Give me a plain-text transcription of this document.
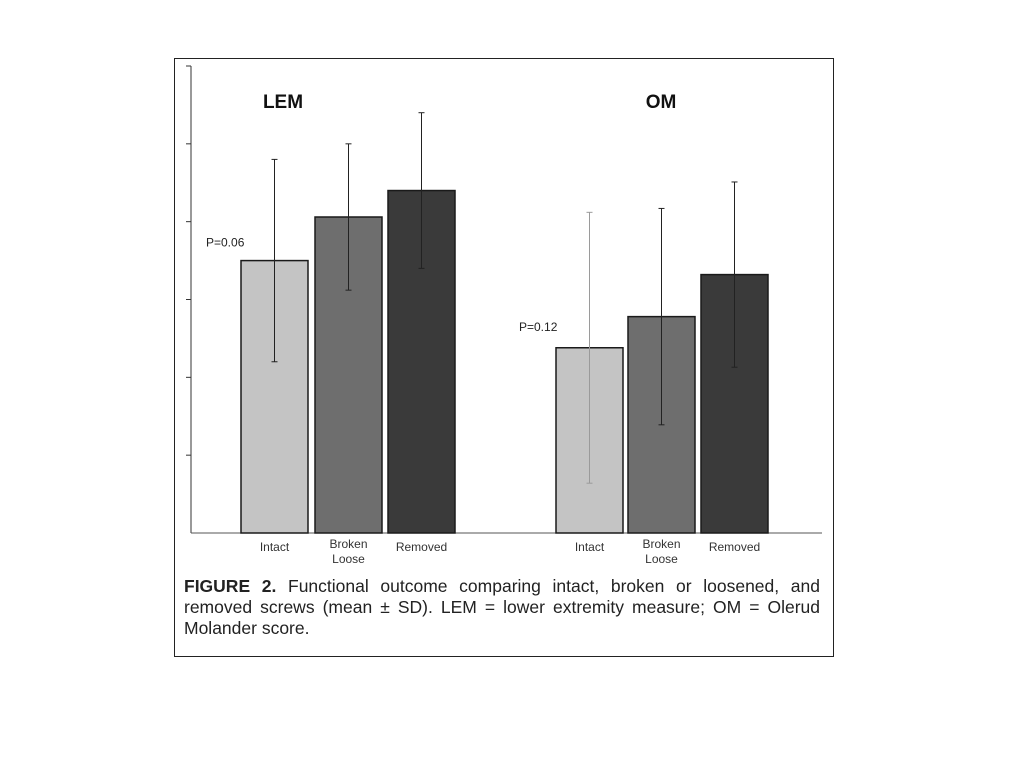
LEM
Intact	Broken Loose
Removed
P=0.06
OM
Intact	Broken Loose
Removed
P=0.12

FIGURE 2. Functional outcome comparing intact, broken or loosened, and removed screws (mean ± SD). LEM = lower extremity measure; OM = Olerud Molander score.
